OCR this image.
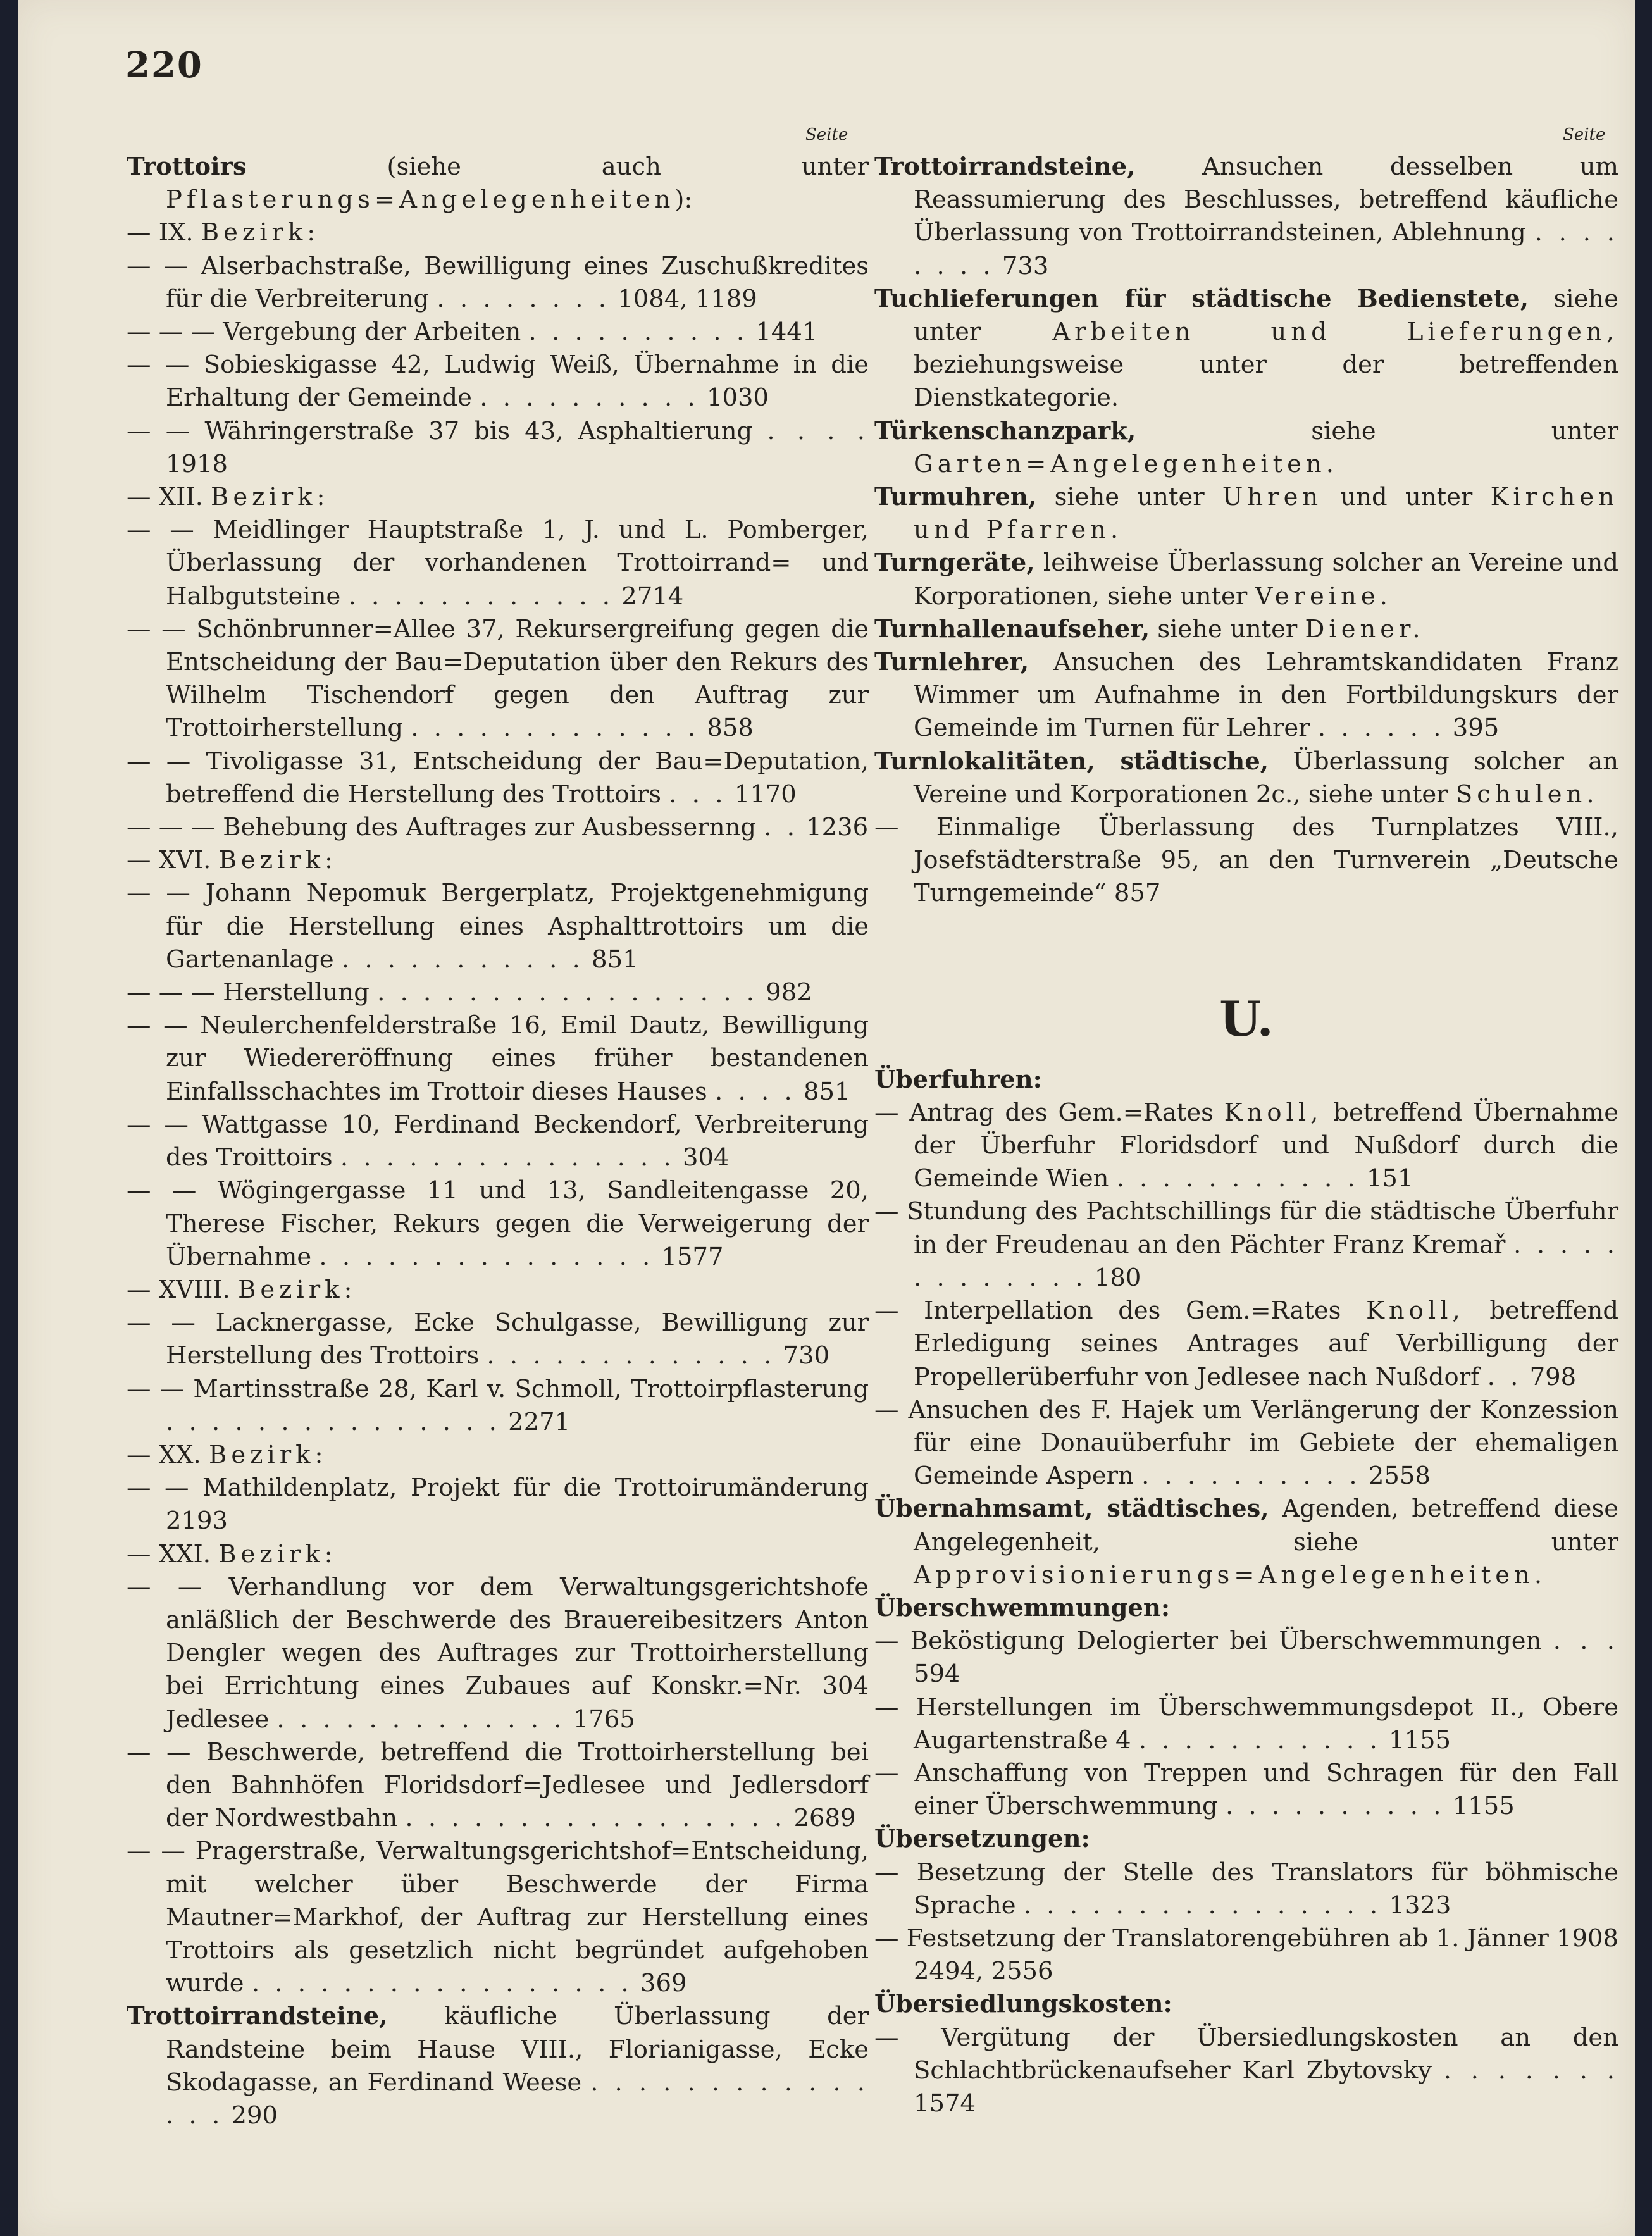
220
Seite	Seite
Trottoirs (siehe auch unter Pflasterungs=Angelegenheiten):
— IX. Bezirk:
— — Alserbachstraße, Bewilligung eines Zuschußkredites für die Verbreiterung . . . . . . . . 1084, 1189
— — — Vergebung der Arbeiten . . . . . . . . . . 1441
— — Sobieskigasse 42, Ludwig Weiß, Übernahme in die Erhaltung der Gemeinde . . . . . . . . . . 1030
— — Währingerstraße 37 bis 43, Asphaltierung . . . . 1918
— XII. Bezirk:
— — Meidlinger Hauptstraße 1, J. und L. Pomberger, Überlassung der vorhandenen Trottoirrand= und Halbgutsteine . . . . . . . . . . . . 2714
— — Schönbrunner=Allee 37, Rekursergreifung gegen die Entscheidung der Bau=Deputation über den Rekurs des Wilhelm Tischendorf gegen den Auftrag zur Trottoirherstellung . . . . . . . . . . . . . 858
— — Tivoligasse 31, Entscheidung der Bau=Deputation, betreffend die Herstellung des Trottoirs . . . 1170
— — — Behebung des Auftrages zur Ausbessernng . . 1236
— XVI. Bezirk:
— — Johann Nepomuk Bergerplatz, Projektgenehmigung für die Herstellung eines Asphalttrottoirs um die Gartenanlage . . . . . . . . . . . 851
— — — Herstellung . . . . . . . . . . . . . . . . . 982
— — Neulerchenfelderstraße 16, Emil Dautz, Bewilligung zur Wiedereröffnung eines früher bestandenen Einfallsschachtes im Trottoir dieses Hauses . . . . 851
— — Wattgasse 10, Ferdinand Beckendorf, Verbreiterung des Troittoirs . . . . . . . . . . . . . . . 304
— — Wögingergasse 11 und 13, Sandleitengasse 20, Therese Fischer, Rekurs gegen die Verweigerung der Übernahme . . . . . . . . . . . . . . . 1577
— XVIII. Bezirk:
— — Lacknergasse, Ecke Schulgasse, Bewilligung zur Herstellung des Trottoirs . . . . . . . . . . . . . 730
— — Martinsstraße 28, Karl v. Schmoll, Trottoirpflasterung . . . . . . . . . . . . . . . 2271
— XX. Bezirk:
— — Mathildenplatz, Projekt für die Trottoirumänderung 2193
— XXI. Bezirk:
— — Verhandlung vor dem Verwaltungsgerichtshofe anläßlich der Beschwerde des Brauereibesitzers Anton Dengler wegen des Auftrages zur Trottoirherstellung bei Errichtung eines Zubaues auf Konskr.=Nr. 304 Jedlesee . . . . . . . . . . . . . 1765
— — Beschwerde, betreffend die Trottoirherstellung bei den Bahnhöfen Floridsdorf=Jedlesee und Jedlersdorf der Nordwestbahn . . . . . . . . . . . . . . . . . 2689
— — Pragerstraße, Verwaltungsgerichtshof=Entscheidung, mit welcher über Beschwerde der Firma Mautner=Markhof, der Auftrag zur Herstellung eines Trottoirs als gesetzlich nicht begründet aufgehoben wurde . . . . . . . . . . . . . . . . . 369
Trottoirrandsteine, käufliche Überlassung der Randsteine beim Hause VIII., Florianigasse, Ecke Skodagasse, an Ferdinand Weese . . . . . . . . . . . . . . . 290
Trottoirrandsteine, Ansuchen desselben um Reassumierung des Beschlusses, betreffend käufliche Überlassung von Trottoirrandsteinen, Ablehnung . . . . . . . . 733
Tuchlieferungen für städtische Bedienstete, siehe unter Arbeiten und Lieferungen, beziehungsweise unter der betreffenden Dienstkategorie.
Türkenschanzpark, siehe unter Garten=Angelegenheiten.
Turmuhren, siehe unter Uhren und unter Kirchen und Pfarren.
Turngeräte, leihweise Überlassung solcher an Vereine und Korporationen, siehe unter Vereine.
Turnhallenaufseher, siehe unter Diener.
Turnlehrer, Ansuchen des Lehramtskandidaten Franz Wimmer um Aufnahme in den Fortbildungskurs der Gemeinde im Turnen für Lehrer . . . . . . 395
Turnlokalitäten, städtische, Überlassung solcher an Vereine und Korporationen 2c., siehe unter Schulen.
— Einmalige Überlassung des Turnplatzes VIII., Josefstädterstraße 95, an den Turnverein „Deutsche Turngemeinde“ 857
U.
Überfuhren:
— Antrag des Gem.=Rates Knoll, betreffend Übernahme der Überfuhr Floridsdorf und Nußdorf durch die Gemeinde Wien . . . . . . . . . . . 151
— Stundung des Pachtschillings für die städtische Überfuhr in der Freudenau an den Pächter Franz Kremař . . . . . . . . . . . . . 180
— Interpellation des Gem.=Rates Knoll, betreffend Erledigung seines Antrages auf Verbilligung der Propellerüberfuhr von Jedlesee nach Nußdorf . . 798
— Ansuchen des F. Hajek um Verlängerung der Konzession für eine Donauüberfuhr im Gebiete der ehemaligen Gemeinde Aspern . . . . . . . . . . 2558
Übernahmsamt, städtisches, Agenden, betreffend diese Angelegenheit, siehe unter Approvisionierungs=Angelegenheiten.
Überschwemmungen:
— Beköstigung Delogierter bei Überschwemmungen . . . 594
— Herstellungen im Überschwemmungsdepot II., Obere Augartenstraße 4 . . . . . . . . . . . 1155
— Anschaffung von Treppen und Schragen für den Fall einer Überschwemmung . . . . . . . . . . 1155
Übersetzungen:
— Besetzung der Stelle des Translators für böhmische Sprache . . . . . . . . . . . . . . . . 1323
— Festsetzung der Translatorengebühren ab 1. Jänner 1908 2494, 2556
Übersiedlungskosten:
— Vergütung der Übersiedlungskosten an den Schlachtbrückenaufseher Karl Zbytovsky . . . . . . . 1574
